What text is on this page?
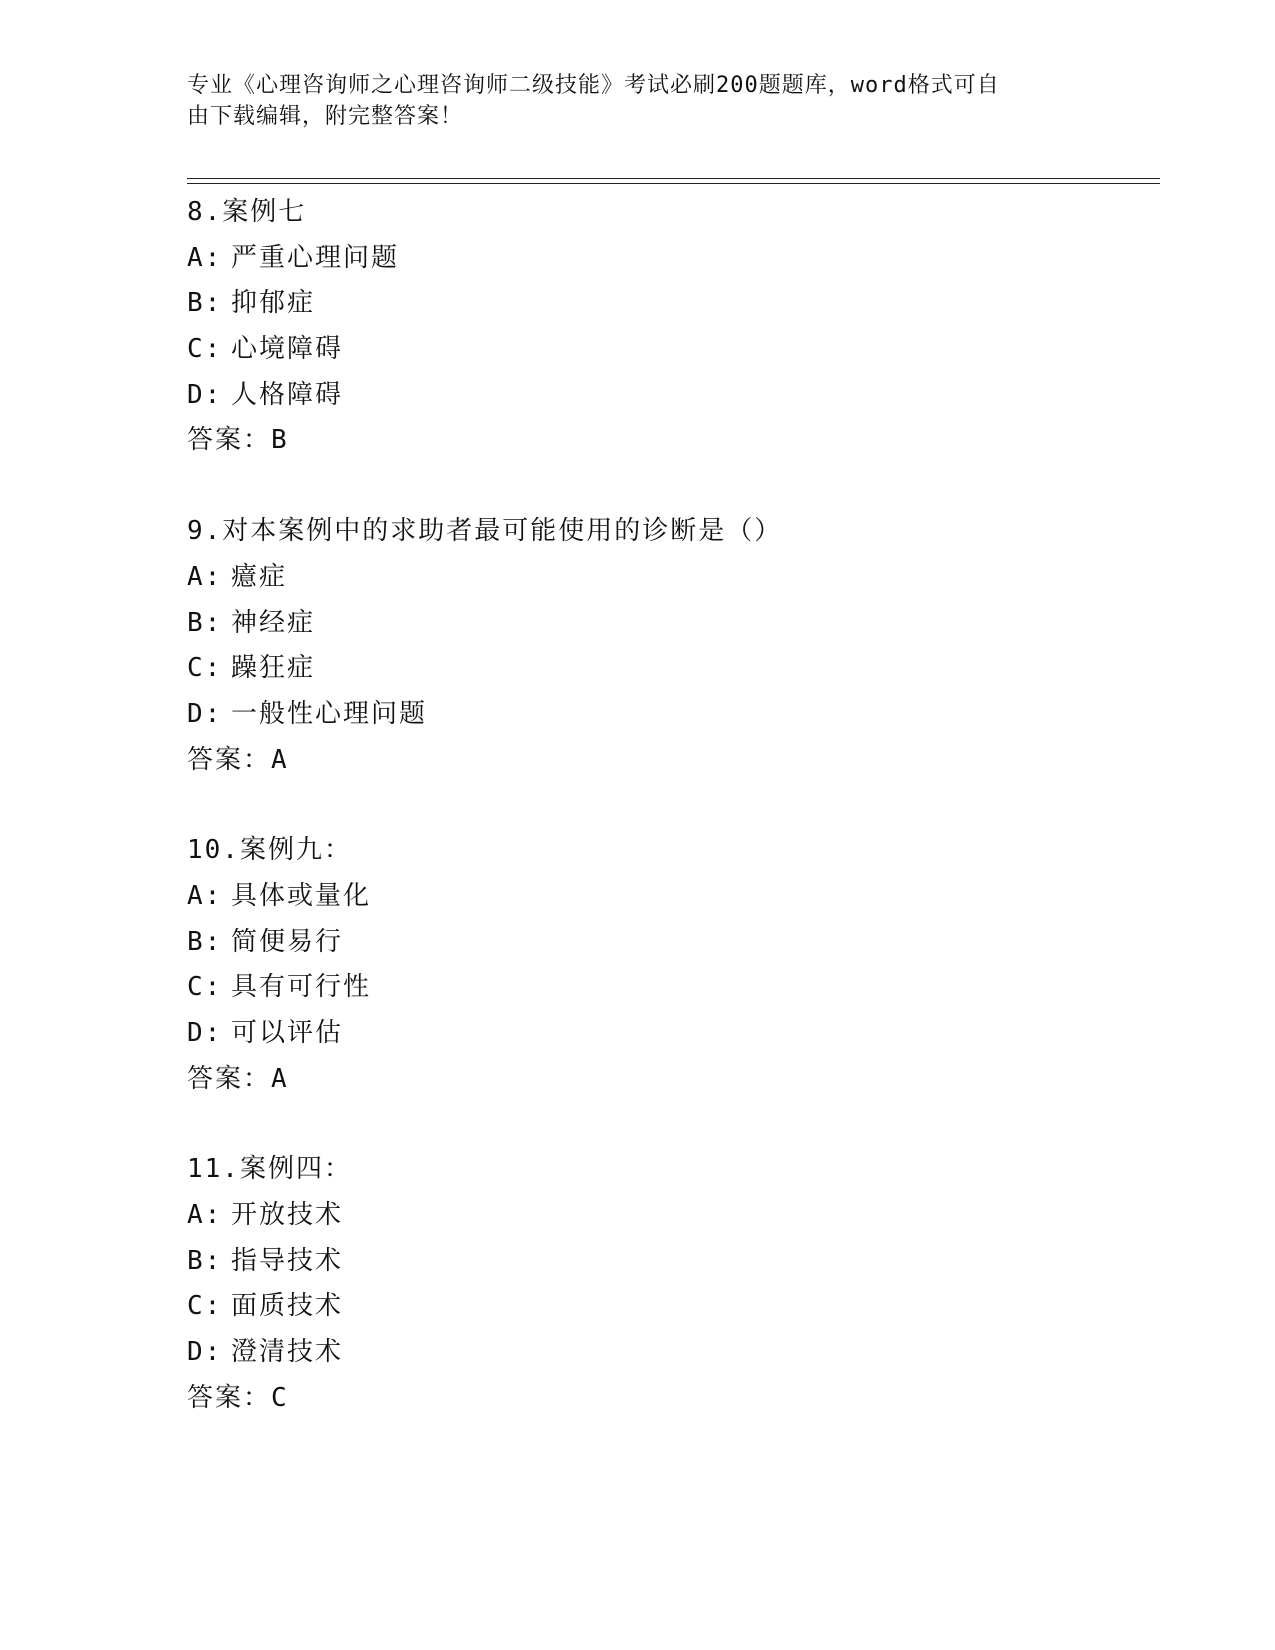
专业《心理咨询师之心理咨询师二级技能》考试必刷200题题库，word格式可自
由下载编辑，附完整答案！
8.案例七
A: 严重心理问题
B: 抑郁症
C: 心境障碍
D: 人格障碍
答案：B
9.对本案例中的求助者最可能使用的诊断是（）
A: 癔症
B: 神经症
C: 躁狂症
D: 一般性心理问题
答案：A
10.案例九：
A: 具体或量化
B: 简便易行
C: 具有可行性
D: 可以评估
答案：A
11.案例四：
A: 开放技术
B: 指导技术
C: 面质技术
D: 澄清技术
答案：C
